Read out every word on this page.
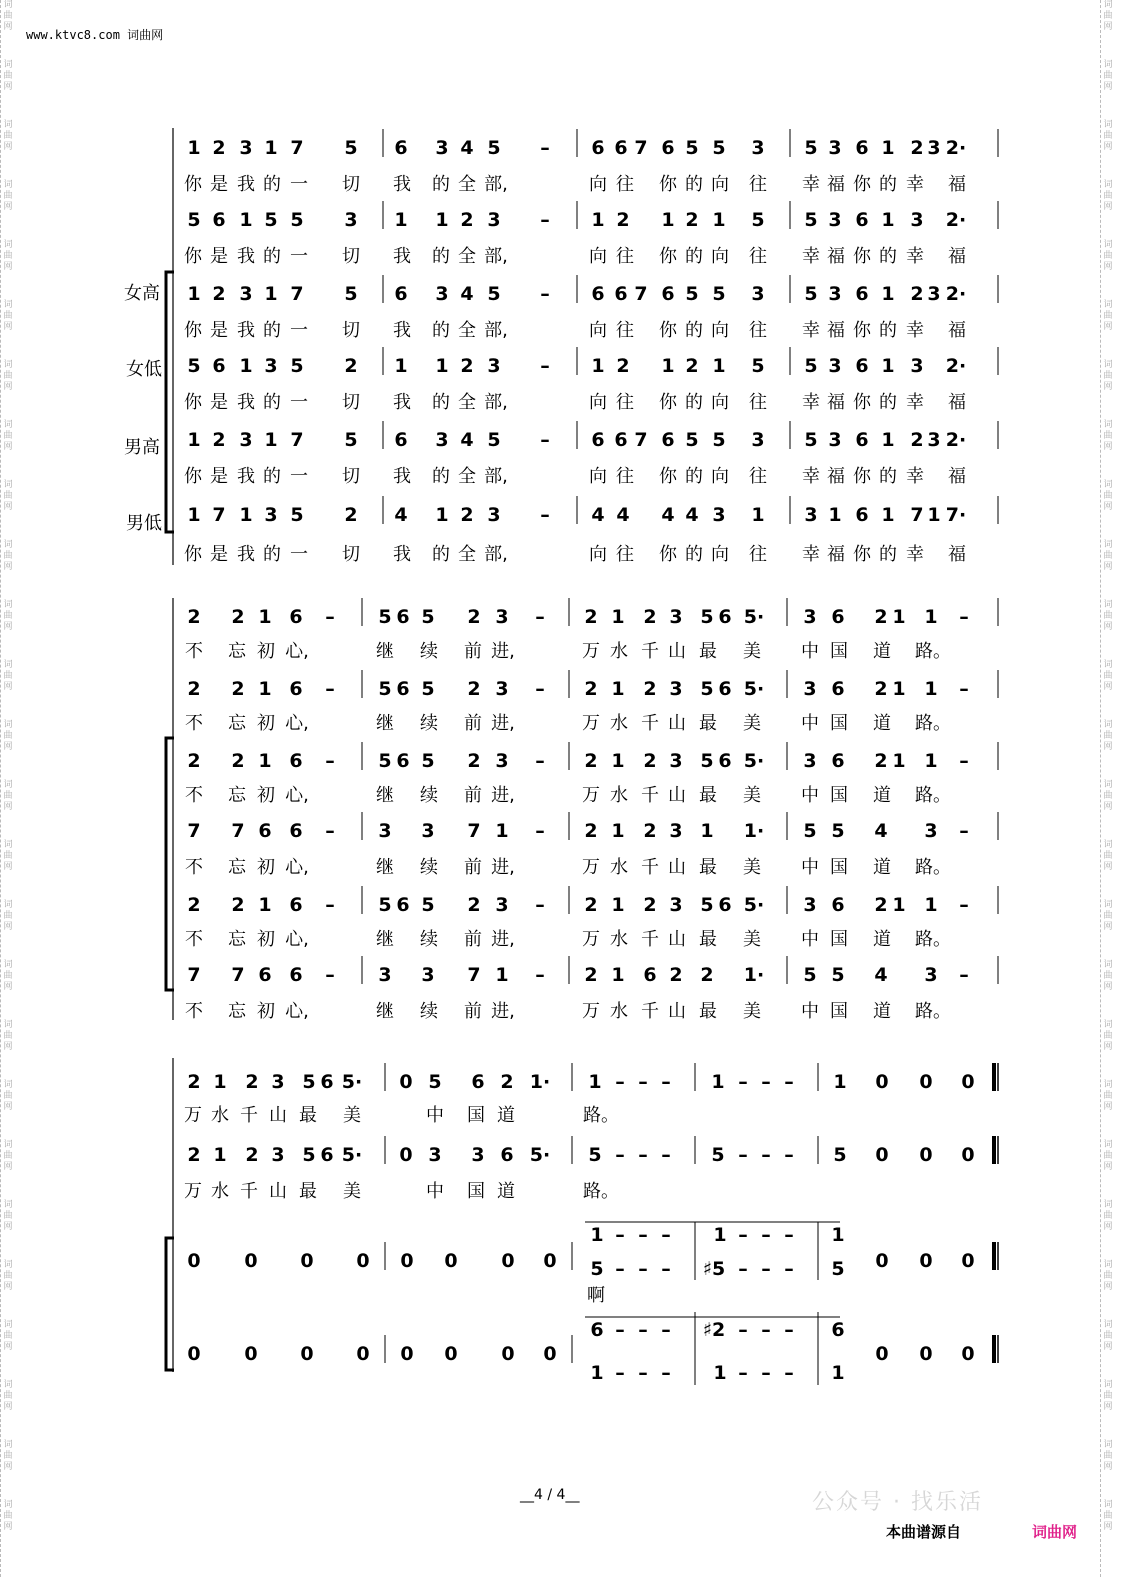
www.ktvc8.com 词曲网
词
曲
网
词
曲
网
词
曲
网
词
曲
网
词
曲
网
词
曲
网
词
曲
网
词
曲
网
词
曲
网
词
曲
网
词
曲
网
词
曲
网
词
曲
网
词
曲
网
词
曲
网
词
曲
网
词
曲
网
词
曲
网
词
曲
网
词
曲
网
词
曲
网
词
曲
网
词
曲
网
词
曲
网
词
曲
网
词
曲
网
词
曲
网
词
曲
网
词
曲
网
词
曲
网
词
曲
网
词
曲
网
词
曲
网
词
曲
网
词
曲
网
词
曲
网
词
曲
网
词
曲
网
词
曲
网
词
曲
网
词
曲
网
词
曲
网
词
曲
网
词
曲
网
词
曲
网
词
曲
网
词
曲
网
词
曲
网
词
曲
网
词
曲
网
词
曲
网
词
曲
网
女高
女低
男高
男低
1 2 3 1 7 5 6 3 4 5 – 6 6 7 6 5 5 3 5 3 6 1 2 3 2·
你 是 我 的 一 切 我 的 全 部,	向 往 你 的 向 往 幸 福 你 的 幸 福
5 6 1 5 5 3 1 1 2 3 – 1 2 1 2 1 5 5 3 6 1 3 2·
你 是 我 的 一 切 我 的 全 部,	向 往 你 的 向 往 幸 福 你 的 幸 福
1 2 3 1 7 5 6 3 4 5 – 6 6 7 6 5 5 3 5 3 6 1 2 3 2·
你 是 我 的 一 切 我 的 全 部,	向 往 你 的 向 往 幸 福 你 的 幸 福
5 6 1 3 5 2 1 1 2 3 – 1 2 1 2 1 5 5 3 6 1 3 2·
你 是 我 的 一 切 我 的 全 部,	向 往 你 的 向 往 幸 福 你 的 幸 福
1 2 3 1 7 5 6 3 4 5 – 6 6 7 6 5 5 3 5 3 6 1 2 3 2·
你 是 我 的 一 切 我 的 全 部,	向 往 你 的 向 往 幸 福 你 的 幸 福
1 7 1 3 5 2 4 1 2 3 – 4 4 4 4 3 1 3 1 6 1 7 1 7·
你 是 我 的 一 切 我 的 全 部,	向 往 你 的 向 往 幸 福 你 的 幸 福
2 2 1 6 – 5 6 5 2 3 – 2 1 2 3 5 6 5· 3 6 2 1 1 –
不 忘 初 心,	继 续 前 进,	万 水 千 山 最 美 中 国 道 路。
2 2 1 6 – 5 6 5 2 3 – 2 1 2 3 5 6 5· 3 6 2 1 1 –
不 忘 初 心,	继 续 前 进,	万 水 千 山 最 美 中 国 道 路。
2 2 1 6 – 5 6 5 2 3 – 2 1 2 3 5 6 5· 3 6 2 1 1 –
不 忘 初 心,	继 续 前 进,	万 水 千 山 最 美 中 国 道 路。
7 7 6 6 – 3 3 7 1 – 2 1 2 3 1 1· 5 5 4 3 –
不 忘 初 心,	继 续 前 进,	万 水 千 山 最 美 中 国 道 路。
2 2 1 6 – 5 6 5 2 3 – 2 1 2 3 5 6 5· 3 6 2 1 1 –
不 忘 初 心,	继 续 前 进,	万 水 千 山 最 美 中 国 道 路。
7 7 6 6 – 3 3 7 1 – 2 1 6 2 2 1· 5 5 4 3 –
不 忘 初 心,	继 续 前 进,	万 水 千 山 最 美 中 国 道 路。
2 1 2 3 5 6 5· 0 5 6 2 1· 1 – – – 1 – – – 1 0 0 0
万 水 千 山 最 美	中 国 道	路。
2 1 2 3 5 6 5· 0 3 3 6 5· 5 – – – 5 – – – 5 0 0 0
万 水 千 山 最 美	中 国 道	路。
0 0 0 0 0 0 0 0	0 0 0
啊
0 0 0 0 0 0 0 0	0 0 0
1 – – – 1 – – – 1
5 – – – ♯5 – – – 5
6 – – – ♯2 – – – 6
1 – – – 1 – – – 1
公众号 · 找乐活
__4 / 4__
本曲谱源自	词曲网
